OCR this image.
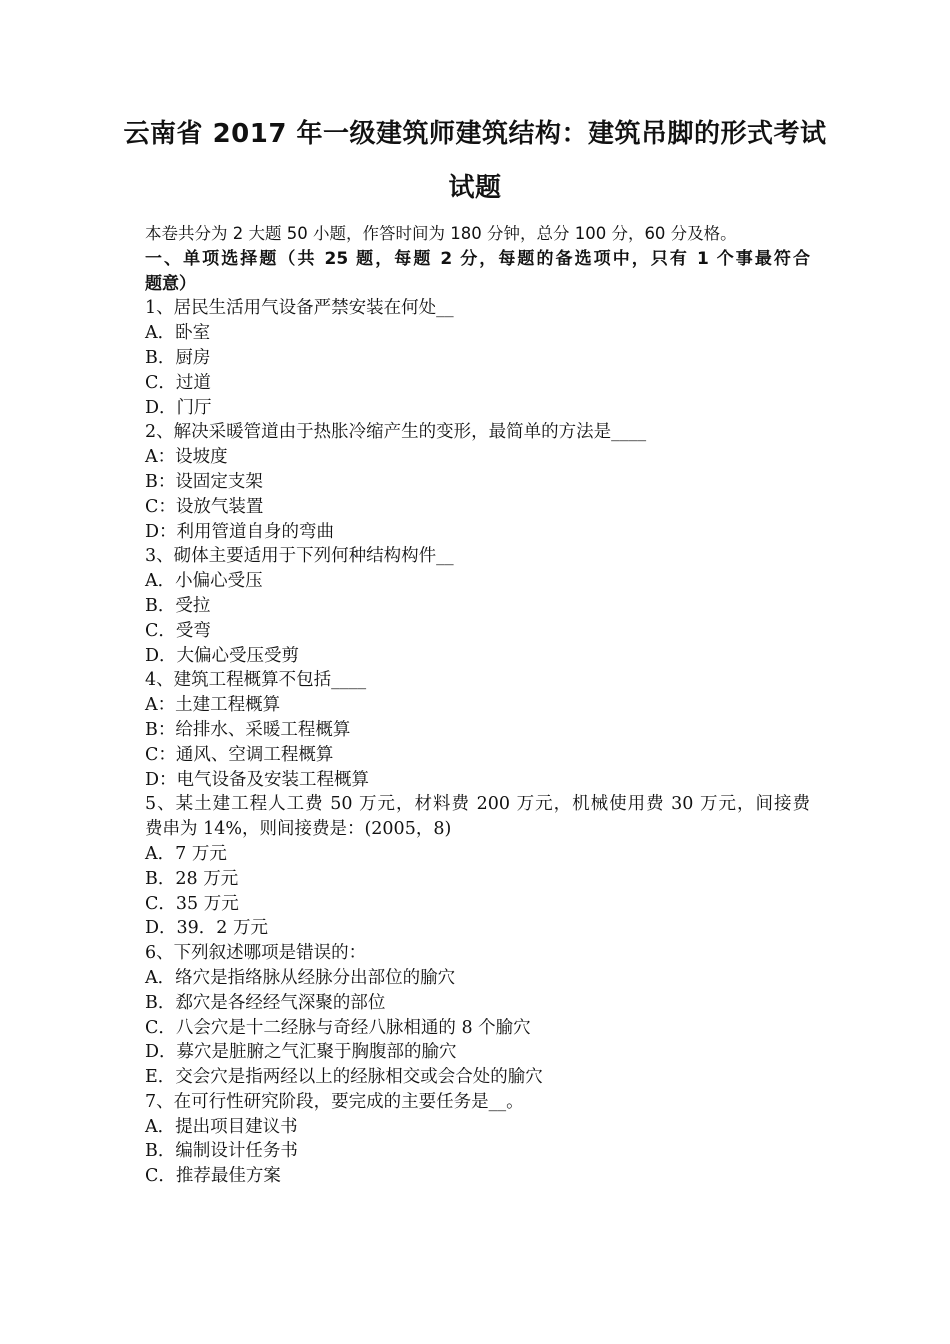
云南省 2017 年一级建筑师建筑结构：建筑吊脚的形式考试
试题
本卷共分为 2 大题 50 小题，作答时间为 180 分钟，总分 100 分，60 分及格。
一、单项选择题（共 25 题，每题 2 分，每题的备选项中，只有 1 个事最符合
题意）
1、居民生活用气设备严禁安装在何处__
A．卧室
B．厨房
C．过道
D．门厅
2、解决采暖管道由于热胀冷缩产生的变形，最简单的方法是____
A：设坡度
B：设固定支架
C：设放气装置
D：利用管道自身的弯曲
3、砌体主要适用于下列何种结构构件__
A．小偏心受压
B．受拉
C．受弯
D．大偏心受压受剪
4、建筑工程概算不包括____
A：土建工程概算
B：给排水、采暖工程概算
C：通风、空调工程概算
D：电气设备及安装工程概算
5、某土建工程人工费 50 万元，材料费 200 万元，机械使用费 30 万元，间接费
费串为 14%，则间接费是：(2005，8)
A．7 万元
B．28 万元
C．35 万元
D．39．2 万元
6、下列叙述哪项是错误的：
A．络穴是指络脉从经脉分出部位的腧穴
B．郄穴是各经经气深聚的部位
C．八会穴是十二经脉与奇经八脉相通的 8 个腧穴
D．募穴是脏腑之气汇聚于胸腹部的腧穴
E．交会穴是指两经以上的经脉相交或会合处的腧穴
7、在可行性研究阶段，要完成的主要任务是__。
A．提出项目建议书
B．编制设计任务书
C．推荐最佳方案
